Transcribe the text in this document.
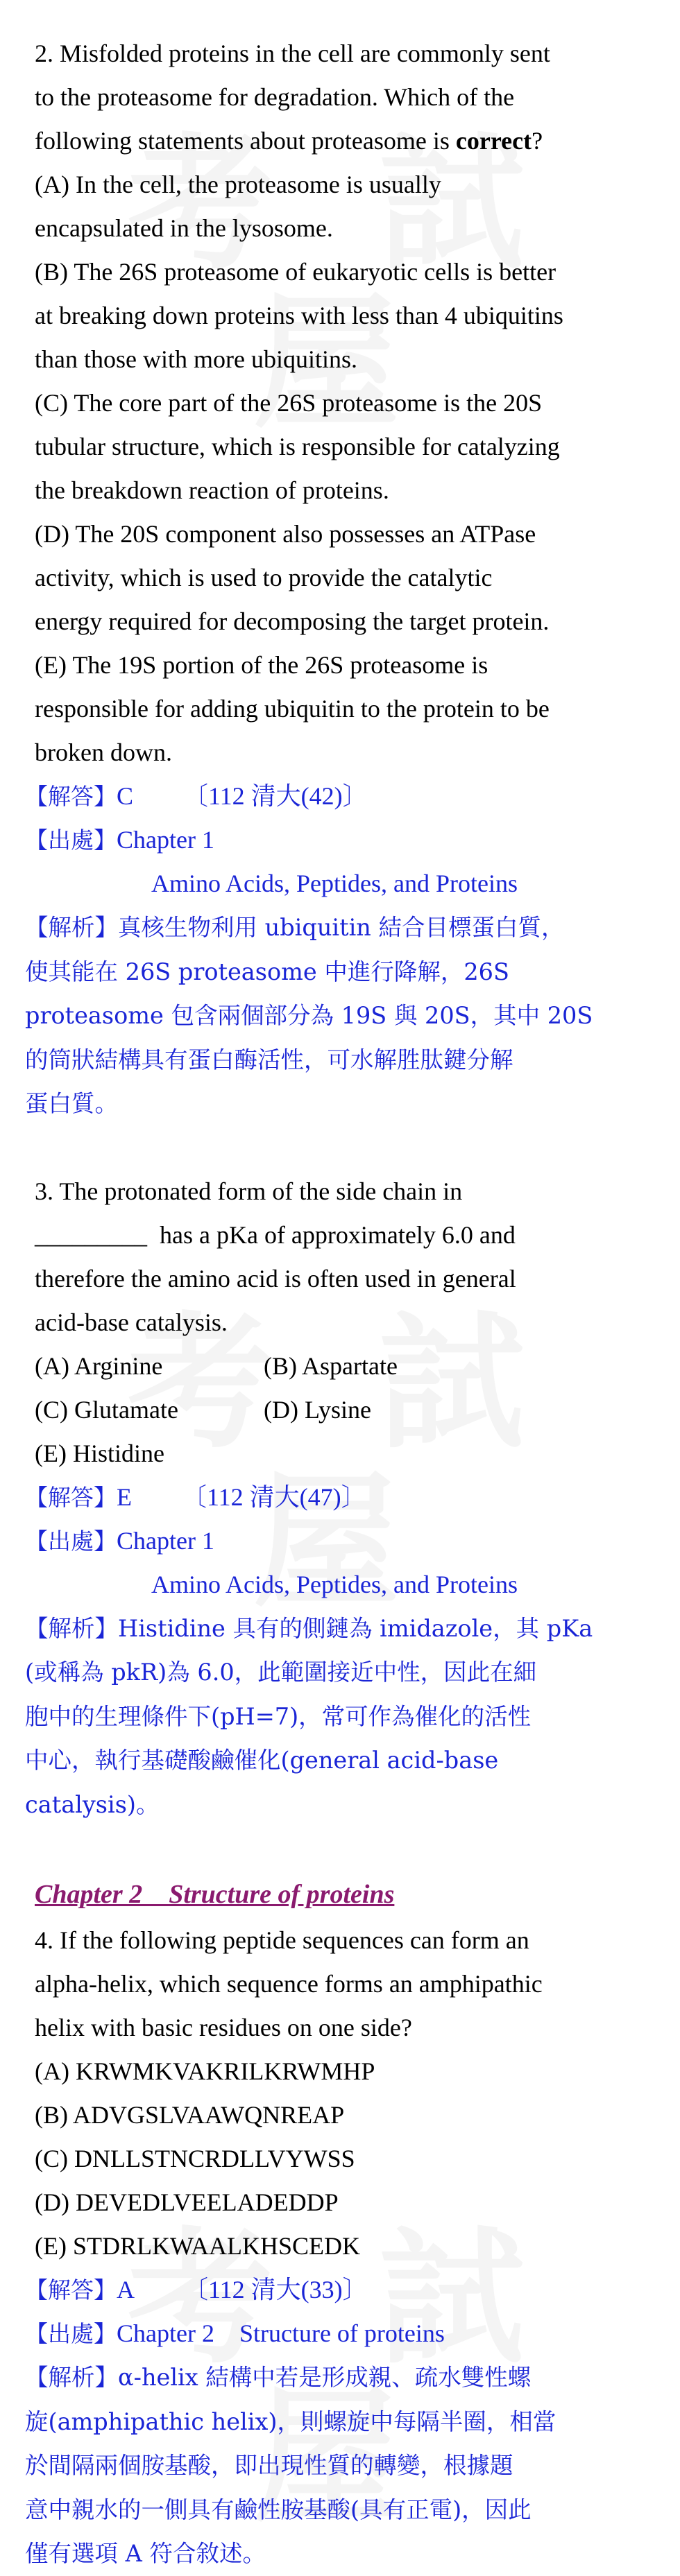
2. Misfolded proteins in the cell are commonly sent

to the proteasome for degradation. Which of the

following statements about proteasome is correct?

(A) In the cell, the proteasome is usually

encapsulated in the lysosome.

(B) The 26S proteasome of eukaryotic cells is better

at breaking down proteins with less than 4 ubiquitins

than those with more ubiquitins.

(C) The core part of the 26S proteasome is the 20S

tubular structure, which is responsible for catalyzing

the breakdown reaction of proteins.

(D) The 20S component also possesses an ATPase

activity, which is used to provide the catalytic

energy required for decomposing the target protein.

(E) The 19S portion of the 26S proteasome is

responsible for adding ubiquitin to the protein to be

broken down.

【解答】C 〔112 清大(42)〕

【出處】Chapter 1

Amino Acids, Peptides, and Proteins

【解析】真核生物利用 ubiquitin 結合目標蛋白質，
使其能在 26S proteasome 中進行降解，26S
proteasome 包含兩個部分為 19S 與 20S，其中 20S
的筒狀結構具有蛋白酶活性，可水解胜肽鍵分解
蛋白質。

3. The protonated form of the side chain in

_________  has a pKa of approximately 6.0 and

therefore the amino acid is often used in general

acid-base catalysis.

(A) Arginine	(B) Aspartate

(C) Glutamate	(D) Lysine

(E) Histidine

【解答】E 〔112 清大(47)〕

【出處】Chapter 1

Amino Acids, Peptides, and Proteins

【解析】Histidine 具有的側鏈為 imidazole，其 pKa
(或稱為 pkR)為 6.0，此範圍接近中性，因此在細
胞中的生理條件下(pH=7)，常可作為催化的活性
中心，執行基礎酸鹼催化(general acid-base
catalysis)。

Chapter 2    Structure of proteins

4. If the following peptide sequences can form an

alpha-helix, which sequence forms an amphipathic

helix with basic residues on one side?

(A) KRWMKVAKRILKRWMHP

(B) ADVGSLVAAWQNREAP

(C) DNLLSTNCRDLLVYWSS

(D) DEVEDLVEELADEDDP

(E) STDRLKWAALKHSCEDK

【解答】A 〔112 清大(33)〕

【出處】Chapter 2    Structure of proteins

【解析】α-helix 結構中若是形成親、疏水雙性螺
旋(amphipathic helix)，則螺旋中每隔半圈，相當
於間隔兩個胺基酸，即出現性質的轉變，根據題
意中親水的一側具有鹼性胺基酸(具有正電)，因此
僅有選項 A 符合敘述。
